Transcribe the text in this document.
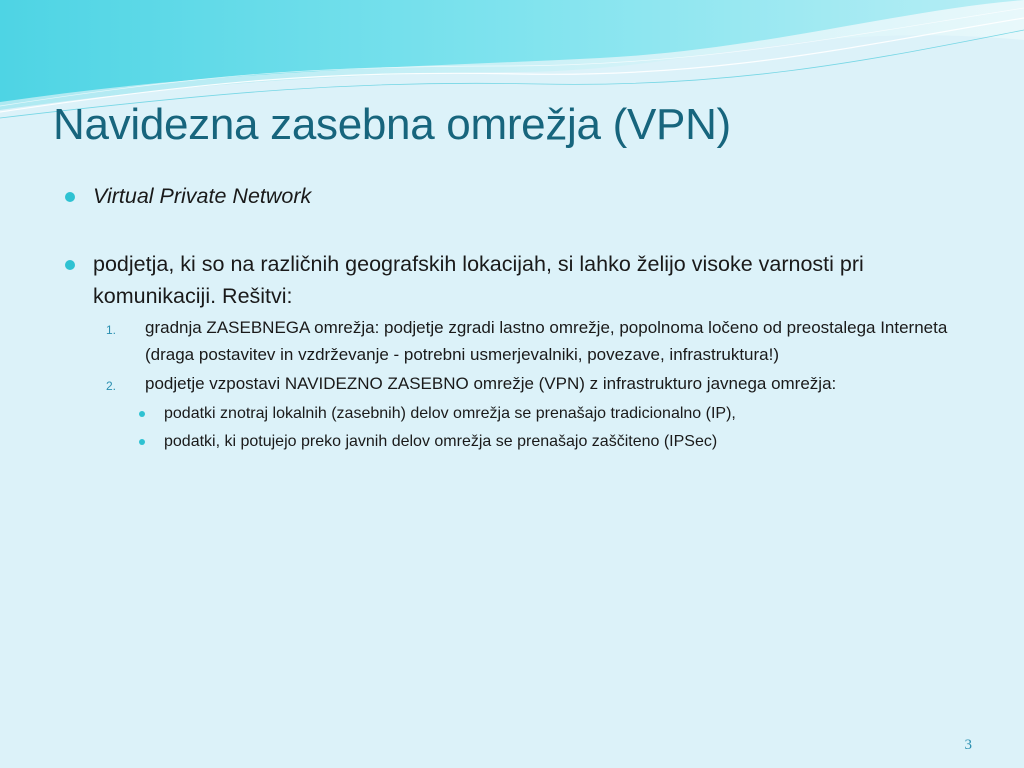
Navidezna zasebna omrežja (VPN)
Virtual Private Network
podjetja, ki so na različnih geografskih lokacijah, si lahko želijo visoke varnosti pri komunikaciji. Rešitvi:
1. gradnja ZASEBNEGA omrežja: podjetje zgradi lastno omrežje, popolnoma ločeno od preostalega Interneta (draga postavitev in vzdrževanje - potrebni usmerjevalniki, povezave, infrastruktura!)
2. podjetje vzpostavi NAVIDEZNO ZASEBNO omrežje (VPN) z infrastrukturo javnega omrežja:
podatki znotraj lokalnih (zasebnih) delov omrežja se prenašajo tradicionalno (IP),
podatki, ki potujejo preko javnih delov omrežja se prenašajo zaščiteno (IPSec)
3
